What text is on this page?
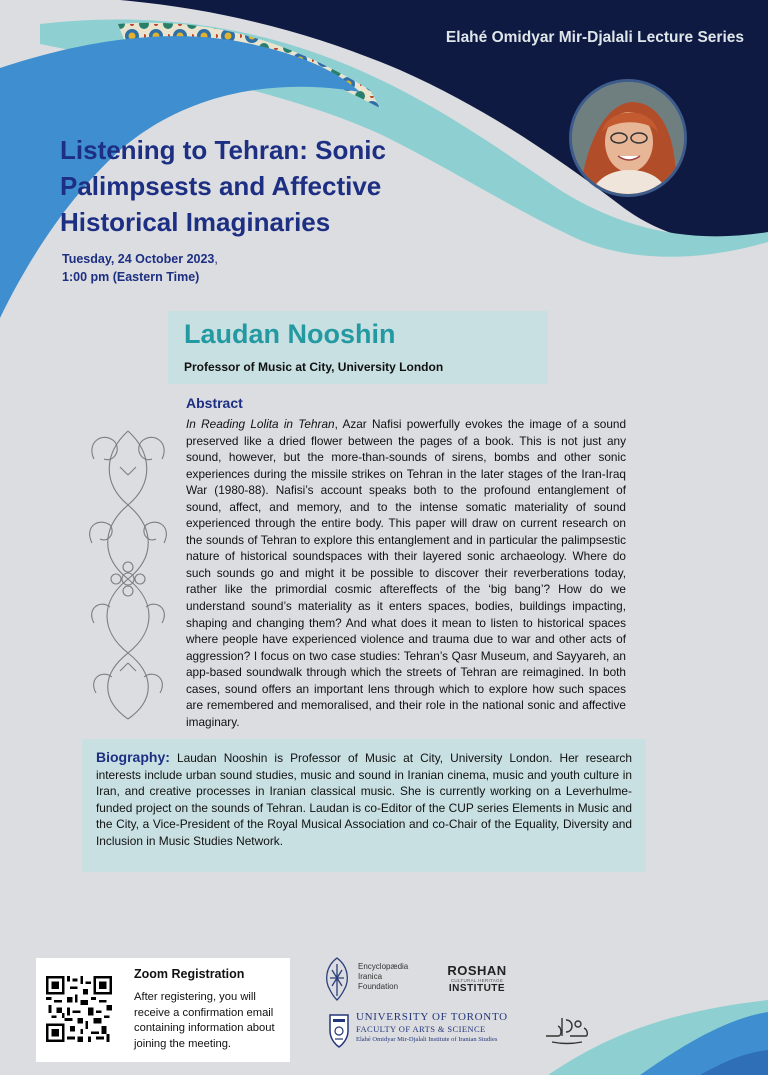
Elahé Omidyar Mir-Djalali Lecture Series
Listening to Tehran: Sonic Palimpsests and Affective Historical Imaginaries
Tuesday, 24 October 2023,
1:00 pm (Eastern Time)
Laudan Nooshin
Professor of Music at City, University London
Abstract

In Reading Lolita in Tehran, Azar Nafisi powerfully evokes the image of a sound preserved like a dried flower between the pages of a book. This is not just any sound, however, but the more-than-sounds of sirens, bombs and other sonic experiences during the missile strikes on Tehran in the later stages of the Iran-Iraq War (1980-88). Nafisi’s account speaks both to the profound entanglement of sound, affect, and memory, and to the intense somatic materiality of sound experienced through the entire body. This paper will draw on current research on the sounds of Tehran to explore this entanglement and in particular the palimpsestic nature of historical soundspaces with their layered sonic archaeology. Where do such sounds go and might it be possible to discover their reverberations today, rather like the primordial cosmic aftereffects of the ‘big bang’? How do we understand sound’s materiality as it enters spaces, bodies, buildings impacting, shaping and changing them? And what does it mean to listen to historical spaces where people have experienced violence and trauma due to war and other acts of aggression? I focus on two case studies: Tehran’s Qasr Museum, and Sayyareh, an app-based soundwalk through which the streets of Tehran are reimagined. In both cases, sound offers an important lens through which to explore how such spaces are remembered and memoralised, and their role in the national sonic and affective imaginary.

Biography: Laudan Nooshin is Professor of Music at City, University London. Her research interests include urban sound studies, music and sound in Iranian cinema, music and youth culture in Iran, and creative processes in Iranian classical music. She is currently working on a Leverhulme-funded project on the sounds of Tehran. Laudan is co-Editor of the CUP series Elements in Music and the City, a Vice-President of the Royal Musical Association and co-Chair of the Equality, Diversity and Inclusion in Music Studies Network.

Zoom Registration
After registering, you will receive a confirmation email containing information about joining the meeting.
Encyclopædia Iranica Foundation
ROSHAN
CULTURAL HERITAGE
INSTITUTE
UNIVERSITY OF TORONTO
FACULTY OF ARTS & SCIENCE
Elahé Omidyar Mir-Djalali Institute of Iranian Studies
